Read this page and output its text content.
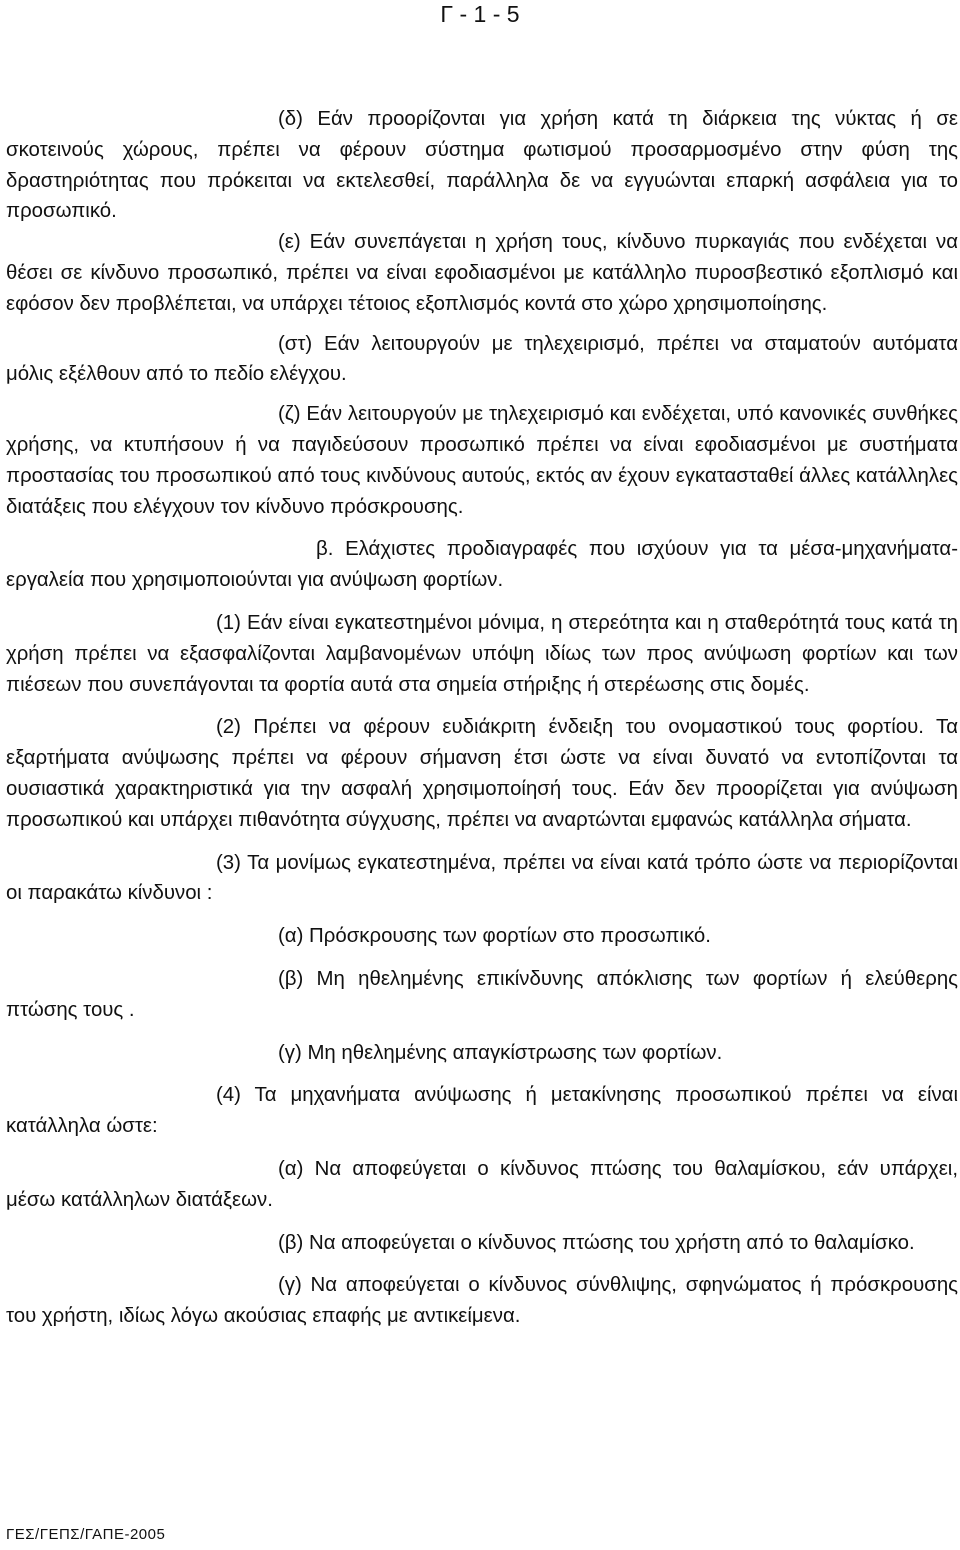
Γ - 1 - 5

(δ) Εάν προορίζονται για χρήση κατά τη διάρκεια της νύκτας ή σε σκοτεινούς χώρους, πρέπει να φέρουν σύστημα φωτισμού προσαρμοσμένο στην φύση της δραστηριότητας που πρόκειται να εκτελεσθεί, παράλληλα δε να εγγυώνται επαρκή ασφάλεια για το προσωπικό.

(ε) Εάν συνεπάγεται η χρήση τους, κίνδυνο πυρκαγιάς που ενδέχεται να θέσει σε κίνδυνο προσωπικό, πρέπει να είναι εφοδιασμένοι με κατάλληλο πυροσβεστικό εξοπλισμό και εφόσον δεν προβλέπεται, να υπάρχει τέτοιος εξοπλισμός κοντά στο χώρο χρησιμοποίησης.

(στ) Εάν λειτουργούν με τηλεχειρισμό, πρέπει να σταματούν αυτόματα μόλις εξέλθουν από το πεδίο ελέγχου.

(ζ) Εάν λειτουργούν με τηλεχειρισμό και ενδέχεται, υπό κανονικές συνθήκες χρήσης, να κτυπήσουν ή να παγιδεύσουν προσωπικό πρέπει να είναι εφοδιασμένοι με συστήματα προστασίας του προσωπικού από τους κινδύνους αυτούς, εκτός αν έχουν εγκατασταθεί άλλες κατάλληλες διατάξεις που ελέγχουν τον κίνδυνο πρόσκρουσης.

β. Ελάχιστες προδιαγραφές που ισχύουν για τα μέσα-μηχανήματα-εργαλεία που χρησιμοποιούνται για ανύψωση φορτίων.

(1) Εάν είναι εγκατεστημένοι μόνιμα, η στερεότητα και η σταθερότητά τους κατά τη χρήση πρέπει να εξασφαλίζονται λαμβανομένων υπόψη ιδίως των προς ανύψωση φορτίων και των πιέσεων που συνεπάγονται τα φορτία αυτά στα σημεία στήριξης ή στερέωσης στις δομές.

(2) Πρέπει να φέρουν ευδιάκριτη ένδειξη του ονομαστικού τους φορτίου. Τα εξαρτήματα ανύψωσης πρέπει να φέρουν σήμανση έτσι ώστε να είναι δυνατό να εντοπίζονται τα ουσιαστικά χαρακτηριστικά για την ασφαλή χρησιμοποίησή τους. Εάν δεν προορίζεται για ανύψωση προσωπικού και υπάρχει πιθανότητα σύγχυσης, πρέπει να αναρτώνται εμφανώς κατάλληλα σήματα.

(3) Τα μονίμως εγκατεστημένα, πρέπει να είναι κατά τρόπο ώστε να περιορίζονται οι παρακάτω κίνδυνοι :

(α) Πρόσκρουσης των φορτίων στο προσωπικό.

(β) Μη ηθελημένης επικίνδυνης απόκλισης των φορτίων ή ελεύθερης πτώσης τους .

(γ) Μη ηθελημένης απαγκίστρωσης των φορτίων.

(4) Τα μηχανήματα ανύψωσης ή μετακίνησης προσωπικού πρέπει να είναι κατάλληλα ώστε:

(α) Να αποφεύγεται ο κίνδυνος πτώσης του θαλαμίσκου, εάν υπάρχει, μέσω κατάλληλων διατάξεων.

(β) Να αποφεύγεται ο κίνδυνος πτώσης του χρήστη από το θαλαμίσκο.

(γ) Να αποφεύγεται ο κίνδυνος σύνθλιψης, σφηνώματος ή πρόσκρουσης του χρήστη, ιδίως λόγω ακούσιας επαφής με αντικείμενα.

ΓΕΣ/ΓΕΠΣ/ΓΑΠΕ-2005
